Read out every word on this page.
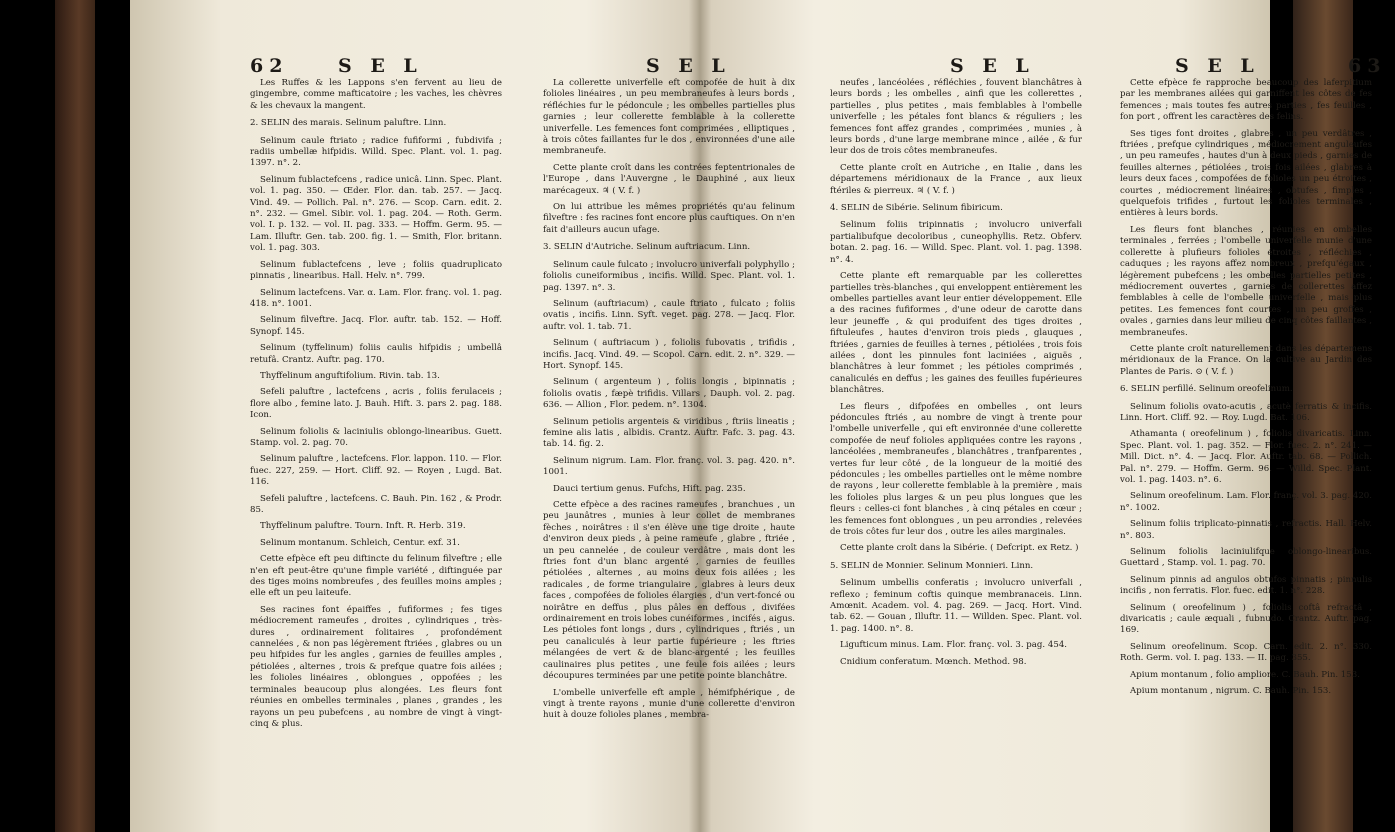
62	S E L	S E L

Les Ruffes & les Lappons s'en fervent au lieu de gingembre, comme mafticatoire ; les vaches, les chèvres & les chevaux la mangent.

2. SELIN des marais. Selinum paluftre. Linn.

Selinum caule ftriato ; radice fufiformi , fubdivifa ; radiis umbellæ hifpidis. Willd. Spec. Plant. vol. 1. pag. 1397. n°. 2.

Selinum fublactefcens , radice unicâ. Linn. Spec. Plant. vol. 1. pag. 350. — Œder. Flor. dan. tab. 257. — Jacq. Vind. 49. — Pollich. Pal. n°. 276. — Scop. Carn. edit. 2. n°. 232. — Gmel. Sibir. vol. 1. pag. 204. — Roth. Germ. vol. I. p. 132. — vol. II. pag. 333. — Hoffm. Germ. 95. — Lam. Illuftr. Gen. tab. 200. fig. 1. — Smith, Flor. britann. vol. 1. pag. 303.

Selinum fublactefcens , leve ; foliis quadruplicato pinnatis , linearibus. Hall. Helv. n°. 799.

Selinum lactefcens. Var. α. Lam. Flor. franç. vol. 1. pag. 418. n°. 1001.

Selinum filveftre. Jacq. Flor. auftr. tab. 152. — Hoff. Synopf. 145.

Selinum (tyffelinum) foliis caulis hifpidis ; umbellâ retufâ. Crantz. Auftr. pag. 170.

Thyffelinum anguftifolium. Rivin. tab. 13.

Sefeli paluftre , lactefcens , acris , foliis ferulaceis ; flore albo , femine lato. J. Bauh. Hift. 3. pars 2. pag. 188. Icon.

Selinum foliolis & laciniulis oblongo-linearibus. Guett. Stamp. vol. 2. pag. 70.

Selinum paluftre , lactefcens. Flor. lappon. 110. — Flor. fuec. 227, 259. — Hort. Cliff. 92. — Royen , Lugd. Bat. 116.

Sefeli paluftre , lactefcens. C. Bauh. Pin. 162 , & Prodr. 85.

Thyffelinum paluftre. Tourn. Inft. R. Herb. 319.

Selinum montanum. Schleich, Centur. exf. 31.

Cette efpèce eft peu diftincte du felinum filveftre ; elle n'en eft peut-être qu'une fimple variété , diftinguée par des tiges moins nombreufes , des feuilles moins amples ; elle eft un peu laiteufe.

Ses racines font épaiffes , fufiformes ; fes tiges médiocrement rameufes , droites , cylindriques , très-dures , ordinairement folitaires , profondément cannelées , & non pas légèrement ftriées , glabres ou un peu hifpides fur les angles , garnies de feuilles amples , pétiolées , alternes , trois & prefque quatre fois ailées ; les folioles linéaires , oblongues , oppofées ; les terminales beaucoup plus alongées. Les fleurs font réunies en ombelles terminales , planes , grandes , les rayons un peu pubefcens , au nombre de vingt à vingt-cinq & plus.

La collerette univerfelle eft compofée de huit à dix folioles linéaires , un peu membraneufes à leurs bords , réfléchies fur le pédoncule ; les ombelles partielles plus garnies ; leur collerette femblable à la collerette univerfelle. Les femences font comprimées , elliptiques , à trois côtes faillantes fur le dos , environnées d'une aile membraneufe.

Cette plante croît dans les contrées feptentrionales de l'Europe , dans l'Auvergne , le Dauphiné , aux lieux marécageux. ♃ ( V. f. )

On lui attribue les mêmes propriétés qu'au felinum filveftre : fes racines font encore plus cauftiques. On n'en fait d'ailleurs aucun ufage.

3. SELIN d'Autriche. Selinum auftriacum. Linn.

Selinum caule fulcato ; involucro univerfali polyphyllo ; foliolis cuneiformibus , incifis. Willd. Spec. Plant. vol. 1. pag. 1397. n°. 3.

Selinum (auftriacum) , caule ftriato , fulcato ; foliis ovatis , incifis. Linn. Syft. veget. pag. 278. — Jacq. Flor. auftr. vol. 1. tab. 71.

Selinum ( auftriacum ) , foliolis fubovatis , trifidis , incifis. Jacq. Vind. 49. — Scopol. Carn. edit. 2. n°. 329. — Hort. Synopf. 145.

Selinum ( argenteum ) , foliis longis , bipinnatis ; foliolis ovatis , fæpè trifidis. Villars , Dauph. vol. 2. pag. 636. — Allion , Flor. pedem. n°. 1304.

Selinum petiolis argenteis & viridibus , ftriis lineatis ; femine alis latis , albidis. Crantz. Auftr. Fafc. 3. pag. 43. tab. 14. fig. 2.

Selinum nigrum. Lam. Flor. franç. vol. 3. pag. 420. n°. 1001.

Dauci tertium genus. Fufchs, Hift. pag. 235.

Cette efpèce a des racines rameufes , branchues , un peu jaunâtres , munies à leur collet de membranes fèches , noirâtres : il s'en élève une tige droite , haute d'environ deux pieds , à peine rameufe , glabre , ftriée , un peu cannelée , de couleur verdâtre , mais dont les ftries font d'un blanc argenté , garnies de feuilles pétiolées , alternes , au moins deux fois ailées ; les radicales , de forme triangulaire , glabres à leurs deux faces , compofées de folioles élargies , d'un vert-foncé ou noirâtre en deffus , plus pâles en deffous , divifées ordinairement en trois lobes cunéiformes , incifés , aigus. Les pétioles font longs , durs , cylindriques , ftriés , un peu canaliculés à leur partie fupérieure ; les ftries mélangées de vert & de blanc-argenté ; les feuilles caulinaires plus petites , une feule fois ailées ; leurs découpures terminées par une petite pointe blanchâtre.

L'ombelle univerfelle eft ample , hémifphérique , de vingt à trente rayons , munie d'une collerette d'environ huit à douze folioles planes , membra-

S E L	S E L	63

neufes , lancéolées , réfléchies , fouvent blanchâtres à leurs bords ; les ombelles , ainfi que les collerettes , partielles , plus petites , mais femblables à l'ombelle univerfelle ; les pétales font blancs & réguliers ; les femences font affez grandes , comprimées , munies , à leurs bords , d'une large membrane mince , ailée , & fur leur dos de trois côtes membraneufes.

Cette plante croît en Autriche , en Italie , dans les départemens méridionaux de la France , aux lieux ftériles & pierreux. ♃ ( V. f. )

4. SELIN de Sibérie. Selinum fibiricum.

Selinum foliis tripinnatis ; involucro univerfali partialibufque decoloribus , cuneophyllis. Retz. Obferv. botan. 2. pag. 16. — Willd. Spec. Plant. vol. 1. pag. 1398. n°. 4.

Cette plante eft remarquable par les collerettes partielles très-blanches , qui enveloppent entièrement les ombelles partielles avant leur entier développement. Elle a des racines fufiformes , d'une odeur de carotte dans leur jeuneffe , & qui produifent des tiges droites , fiftuleufes , hautes d'environ trois pieds , glauques , ftriées , garnies de feuilles à ternes , pétiolées , trois fois ailées , dont les pinnules font laciniées , aiguës , blanchâtres à leur fommet ; les pétioles comprimés , canaliculés en deffus ; les gaines des feuilles fupérieures blanchâtres.

Les fleurs , difpofées en ombelles , ont leurs pédoncules ftriés , au nombre de vingt à trente pour l'ombelle univerfelle , qui eft environnée d'une collerette compofée de neuf folioles appliquées contre les rayons , lancéolées , membraneufes , blanchâtres , tranfparentes , vertes fur leur côté , de la longueur de la moitié des pédoncules ; les ombelles partielles ont le même nombre de rayons , leur collerette femblable à la première , mais les folioles plus larges & un peu plus longues que les fleurs : celles-ci font blanches , à cinq pétales en cœur ; les femences font oblongues , un peu arrondies , relevées de trois côtes fur leur dos , outre les ailes marginales.

Cette plante croît dans la Sibérie. ( Defcript. ex Retz. )

5. SELIN de Monnier. Selinum Monnieri. Linn.

Selinum umbellis conferatis ; involucro univerfali , reflexo ; feminum coftis quinque membranaceis. Linn. Amœnit. Academ. vol. 4. pag. 269. — Jacq. Hort. Vind. tab. 62. — Gouan , Illuftr. 11. — Willden. Spec. Plant. vol. 1. pag. 1400. n°. 8.

Ligufticum minus. Lam. Flor. franç. vol. 3. pag. 454.

Cnidium conferatum. Mœnch. Method. 98.

Cette efpèce fe rapproche beaucoup des laferpitium par les membranes ailées qui garniffent les côtes de fes femences ; mais toutes fes autres parties , fes feuilles , fon port , offrent les caractères des felins.

Ses tiges font droites , glabres , un peu verdâtres , ftriées , prefque cylindriques , médiocrement anguleufes , un peu rameufes , hautes d'un à deux pieds , garnies de feuilles alternes , pétiolées , trois fois ailées , glabres à leurs deux faces , compofées de folioles un peu étroites , courtes , médiocrement linéaires , obtufes , fimples , quelquefois trifides , furtout les folioles terminales , entières à leurs bords.

Les fleurs font blanches , réunies en ombelles terminales , ferrées ; l'ombelle univerfelle munie d'une collerette à plufieurs folioles étroites , réfléchies , caduques ; les rayons affez nombreux , prefqu'égaux , légèrement pubefcens ; les ombelles partielles petites , médiocrement ouvertes , garnies de collerettes affez femblables à celle de l'ombelle univerfelle , mais plus petites. Les femences font courtes , un peu groffes , ovales , garnies dans leur milieu de cinq côtes faillantes , membraneufes.

Cette plante croît naturellement dans les départemens méridionaux de la France. On la cultive au Jardin des Plantes de Paris. ⊙ ( V. f. )

6. SELIN perfillé. Selinum oreofelinum.

Selinum foliolis ovato-acutis , acutè ferratis & incifis. Linn. Hort. Cliff. 92. — Roy. Lugd. Bat. 106.

Athamanta ( oreofelinum ) , foliolis divaricatis. Linn. Spec. Plant. vol. 1. pag. 352. — Flor. fuec. 2. n°. 241. — Mill. Dict. n°. 4. — Jacq. Flor. Auftr. tab. 68. — Pollich. Pal. n°. 279. — Hoffm. Germ. 96. — Willd. Spec. Plant. vol. 1. pag. 1403. n°. 6.

Selinum oreofelinum. Lam. Flor. franç. vol. 3. pag. 420. n°. 1002.

Selinum foliis triplicato-pinnatis , refractis. Hall. Helv. n°. 803.

Selinum foliolis laciniulifque oblongo-linearibus. Guettard , Stamp. vol. 1. pag. 70.

Selinum pinnis ad angulos obtufos pinnatis ; pinnulis incifis , non ferratis. Flor. fuec. edit. 1. n°. 228.

Selinum ( oreofelinum ) , foliolis coftâ refractâ , divaricatis ; caule æquali , fubnudo. Crantz. Auftr. pag. 169.

Selinum oreofelinum. Scop. Carn. edit. 2. n°. 330. Roth. Germ. vol. I. pag. 133. — II. pag. 355.

Apium montanum , folio ampliore. C. Bauh. Pin. 153.

Apium montanum , nigrum. C. Bauh. Pin. 153.
